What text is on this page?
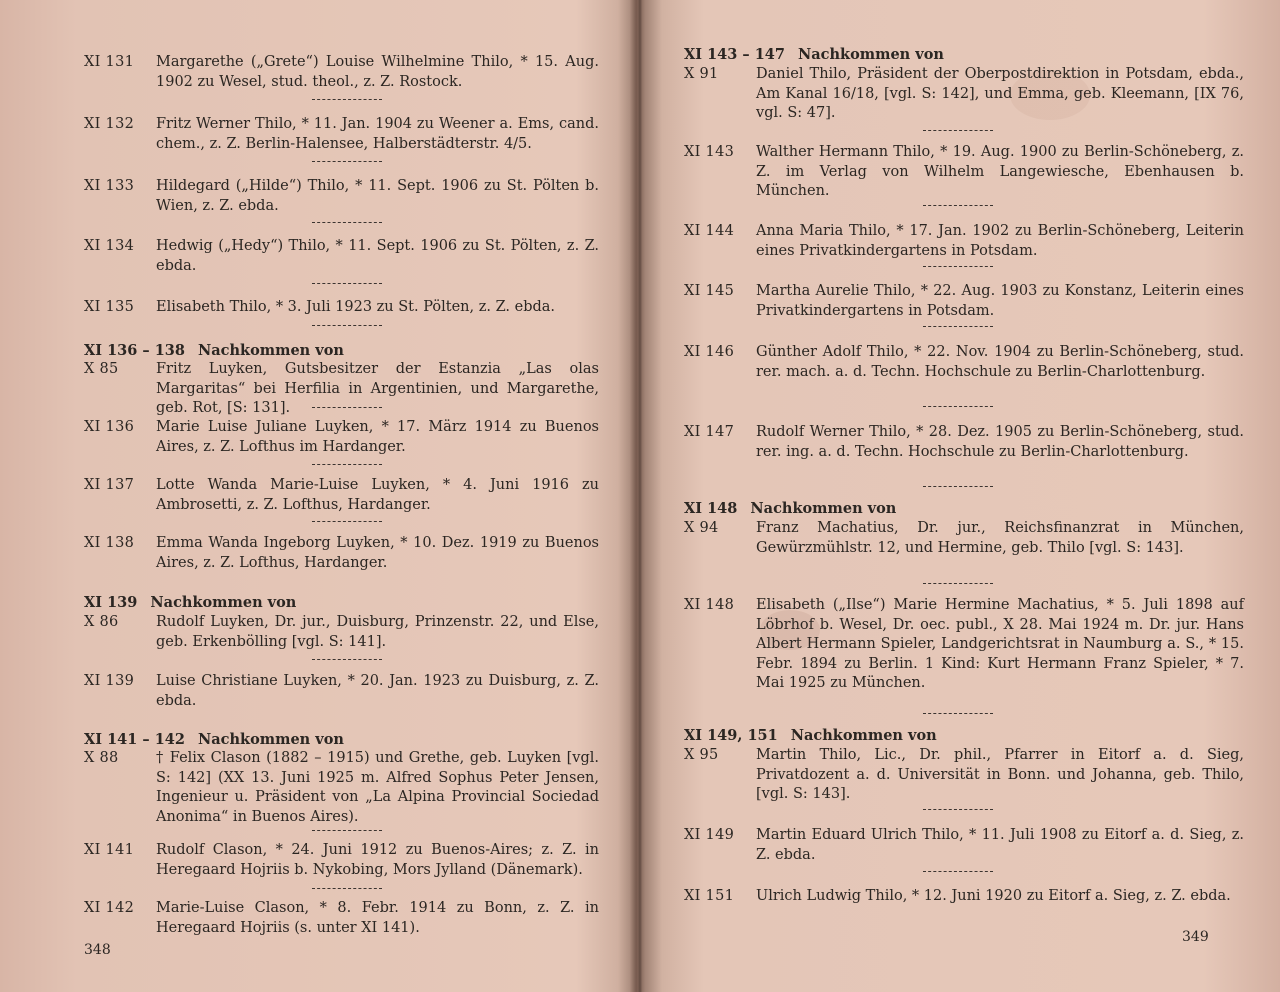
XI 131	Margarethe („Grete“) Louise Wilhelmine Thilo, * 15. Aug. 1902 zu Wesel, stud. theol., z. Z. Rostock.
XI 132	Fritz Werner Thilo, * 11. Jan. 1904 zu Weener a. Ems, cand. chem., z. Z. Berlin-Halensee, Halberstädterstr. 4/5.
XI 133	Hildegard („Hilde“) Thilo, * 11. Sept. 1906 zu St. Pölten b. Wien, z. Z. ebda.
XI 134	Hedwig („Hedy“) Thilo, * 11. Sept. 1906 zu St. Pölten, z. Z. ebda.
XI 135	Elisabeth Thilo, * 3. Juli 1923 zu St. Pölten, z. Z. ebda.
XI 136 – 138 Nachkommen von
X 85	Fritz Luyken, Gutsbesitzer der Estanzia „Las olas Margaritas“ bei Herfilia in Argentinien, und Margarethe, geb. Rot, [S: 131].
XI 136	Marie Luise Juliane Luyken, * 17. März 1914 zu Buenos Aires, z. Z. Lofthus im Hardanger.
XI 137	Lotte Wanda Marie-Luise Luyken, * 4. Juni 1916 zu Ambrosetti, z. Z. Lofthus, Hardanger.
XI 138	Emma Wanda Ingeborg Luyken, * 10. Dez. 1919 zu Buenos Aires, z. Z. Lofthus, Hardanger.
XI 139 Nachkommen von
X 86	Rudolf Luyken, Dr. jur., Duisburg, Prinzenstr. 22, und Else, geb. Erkenbölling [vgl. S: 141].
XI 139	Luise Christiane Luyken, * 20. Jan. 1923 zu Duisburg, z. Z. ebda.
XI 141 – 142 Nachkommen von
X 88	† Felix Clason (1882 – 1915) und Grethe, geb. Luyken [vgl. S: 142] (XX 13. Juni 1925 m. Alfred Sophus Peter Jensen, Ingenieur u. Präsident von „La Alpina Provincial Sociedad Anonima“ in Buenos Aires).
XI 141	Rudolf Clason, * 24. Juni 1912 zu Buenos-Aires; z. Z. in Heregaard Hojriis b. Nykobing, Mors Jylland (Dänemark).
XI 142	Marie-Luise Clason, * 8. Febr. 1914 zu Bonn, z. Z. in Heregaard Hojriis (s. unter XI 141).
348
XI 143 – 147 Nachkommen von
X 91	Daniel Thilo, Präsident der Oberpostdirektion in Potsdam, ebda., Am Kanal 16/18, [vgl. S: 142], und Emma, geb. Kleemann, [IX 76, vgl. S: 47].
XI 143	Walther Hermann Thilo, * 19. Aug. 1900 zu Berlin-Schöneberg, z. Z. im Verlag von Wilhelm Langewiesche, Ebenhausen b. München.
XI 144	Anna Maria Thilo, * 17. Jan. 1902 zu Berlin-Schöneberg, Leiterin eines Privatkindergartens in Potsdam.
XI 145	Martha Aurelie Thilo, * 22. Aug. 1903 zu Konstanz, Leiterin eines Privatkindergartens in Potsdam.
XI 146	Günther Adolf Thilo, * 22. Nov. 1904 zu Berlin-Schöneberg, stud. rer. mach. a. d. Techn. Hochschule zu Berlin-Charlottenburg.
XI 147	Rudolf Werner Thilo, * 28. Dez. 1905 zu Berlin-Schöneberg, stud. rer. ing. a. d. Techn. Hochschule zu Berlin-Charlottenburg.
XI 148 Nachkommen von
X 94	Franz Machatius, Dr. jur., Reichsfinanzrat in München, Gewürzmühlstr. 12, und Hermine, geb. Thilo [vgl. S: 143].
XI 148	Elisabeth („Ilse“) Marie Hermine Machatius, * 5. Juli 1898 auf Löbrhof b. Wesel, Dr. oec. publ., X 28. Mai 1924 m. Dr. jur. Hans Albert Hermann Spieler, Landgerichtsrat in Naumburg a. S., * 15. Febr. 1894 zu Berlin. 1 Kind: Kurt Hermann Franz Spieler, * 7. Mai 1925 zu München.
XI 149, 151 Nachkommen von
X 95	Martin Thilo, Lic., Dr. phil., Pfarrer in Eitorf a. d. Sieg, Privatdozent a. d. Universität in Bonn. und Johanna, geb. Thilo, [vgl. S: 143].
XI 149	Martin Eduard Ulrich Thilo, * 11. Juli 1908 zu Eitorf a. d. Sieg, z. Z. ebda.
XI 151	Ulrich Ludwig Thilo, * 12. Juni 1920 zu Eitorf a. Sieg, z. Z. ebda.
349
